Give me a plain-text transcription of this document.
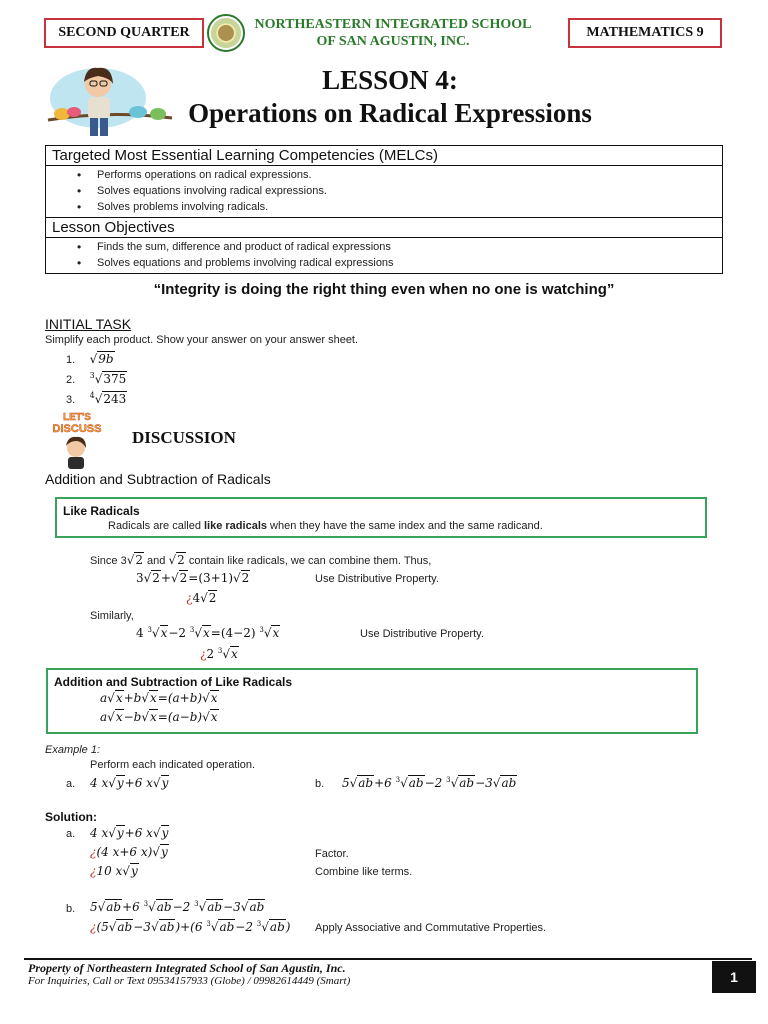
SECOND QUARTER
NORTHEASTERN INTEGRATED SCHOOL
OF SAN AGUSTIN, INC.
MATHEMATICS 9
LESSON 4:
Operations on Radical Expressions
Targeted Most Essential Learning Competencies (MELCs)
• Performs operations on radical expressions.
• Solves equations involving radical expressions.
• Solves problems involving radicals.
Lesson Objectives
• Finds the sum, difference and product of radical expressions
• Solves equations and problems involving radical expressions
“Integrity is doing the right thing even when no one is watching”
INITIAL TASK
Simplify each product. Show your answer on your answer sheet.
1. √9b
2. $^3$√375
3. $^4$√243
LET'S
DISCUSS DISCUSSION
Addition and Subtraction of Radicals
Like Radicals
Radicals are called like radicals when they have the same index and the same radicand.
Since 3√2 and √2 contain like radicals, we can combine them. Thus,
3√2+√2=(3+1)√2	Use Distributive Property.
¿4√2
Similarly,
4 $^3$√x−2 $^3$√x=(4−2) $^3$√x	Use Distributive Property.
¿2 $^3$√x
Addition and Subtraction of Like Radicals
a√x+b√x=(a+b)√x
a√x−b√x=(a−b)√x
Example 1:
Perform each indicated operation.
a. 4 x√y+6 x√y	b. 5√ab+6 $^3$√ab−2 $^3$√ab−3√ab
Solution:
a. 4 x√y+6 x√y
¿(4 x+6 x)√y	Factor.
¿10 x√y	Combine like terms.
b. 5√ab+6 $^3$√ab−2 $^3$√ab−3√ab
¿(5√ab−3√ab)+(6 $^3$√ab−2 $^3$√ab) Apply Associative and Commutative Properties.
Property of Northeastern Integrated School of San Agustin, Inc.
For Inquiries, Call or Text 09534157933 (Globe) / 09982614449 (Smart)	1
